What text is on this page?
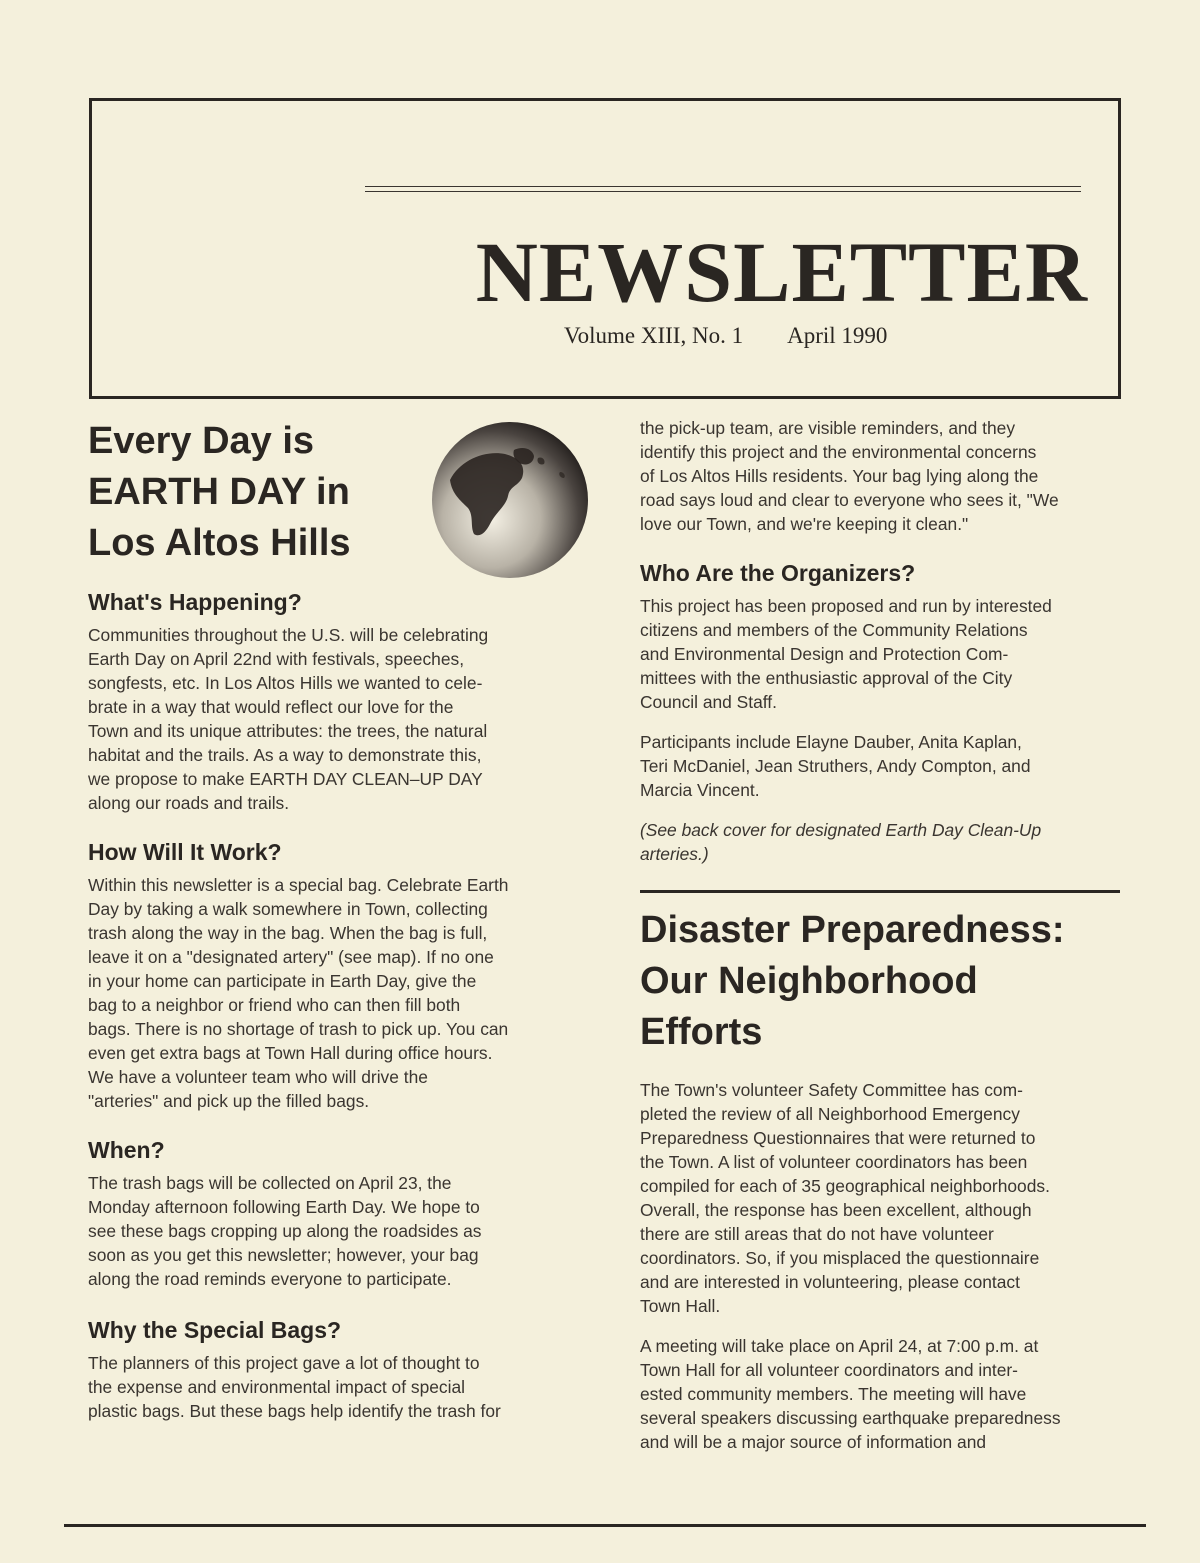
NEWSLETTER
Volume XIII, No. 1 April 1990
Every Day is
EARTH DAY in
Los Altos Hills
What's Happening?

Communities throughout the U.S. will be celebrating
Earth Day on April 22nd with festivals, speeches,
songfests, etc. In Los Altos Hills we wanted to cele-
brate in a way that would reflect our love for the
Town and its unique attributes: the trees, the natural
habitat and the trails. As a way to demonstrate this,
we propose to make EARTH DAY CLEAN–UP DAY
along our roads and trails.

How Will It Work?

Within this newsletter is a special bag. Celebrate Earth
Day by taking a walk somewhere in Town, collecting
trash along the way in the bag. When the bag is full,
leave it on a "designated artery" (see map). If no one
in your home can participate in Earth Day, give the
bag to a neighbor or friend who can then fill both
bags. There is no shortage of trash to pick up. You can
even get extra bags at Town Hall during office hours.
We have a volunteer team who will drive the
"arteries" and pick up the filled bags.

When?

The trash bags will be collected on April 23, the
Monday afternoon following Earth Day. We hope to
see these bags cropping up along the roadsides as
soon as you get this newsletter; however, your bag
along the road reminds everyone to participate.

Why the Special Bags?

The planners of this project gave a lot of thought to
the expense and environmental impact of special
plastic bags. But these bags help identify the trash for

the pick-up team, are visible reminders, and they
identify this project and the environmental concerns
of Los Altos Hills residents. Your bag lying along the
road says loud and clear to everyone who sees it, "We
love our Town, and we're keeping it clean."

Who Are the Organizers?

This project has been proposed and run by interested
citizens and members of the Community Relations
and Environmental Design and Protection Com-
mittees with the enthusiastic approval of the City
Council and Staff.

Participants include Elayne Dauber, Anita Kaplan,
Teri McDaniel, Jean Struthers, Andy Compton, and
Marcia Vincent.

(See back cover for designated Earth Day Clean-Up
arteries.)

Disaster Preparedness:
Our Neighborhood
Efforts

The Town's volunteer Safety Committee has com-
pleted the review of all Neighborhood Emergency
Preparedness Questionnaires that were returned to
the Town. A list of volunteer coordinators has been
compiled for each of 35 geographical neighborhoods.
Overall, the response has been excellent, although
there are still areas that do not have volunteer
coordinators. So, if you misplaced the questionnaire
and are interested in volunteering, please contact
Town Hall.

A meeting will take place on April 24, at 7:00 p.m. at
Town Hall for all volunteer coordinators and inter-
ested community members. The meeting will have
several speakers discussing earthquake preparedness
and will be a major source of information and
